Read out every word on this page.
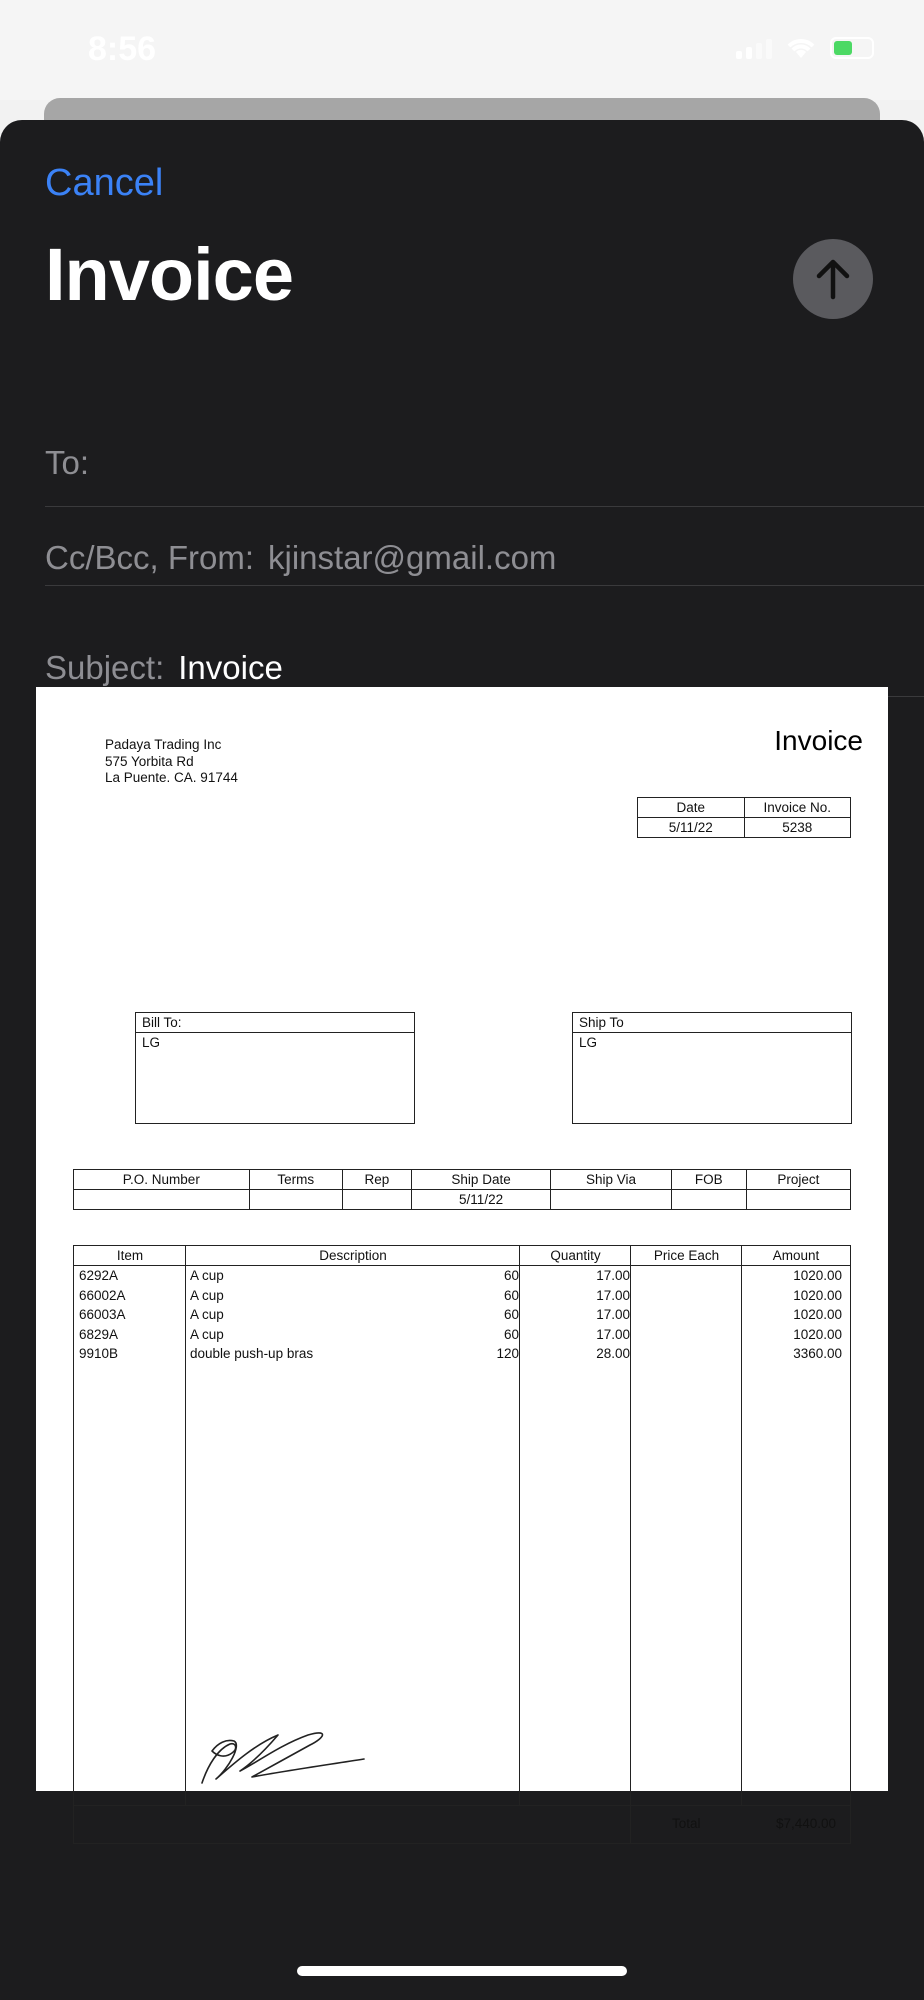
8:56
Cancel
Invoice
To:
Cc/Bcc, From: kjinstar@gmail.com
Subject: Invoice
Padaya Trading Inc
575 Yorbita Rd
La Puente. CA. 91744
Invoice
Date	Invoice No.
5/11/22	5238
Bill To:
LG
Ship To
LG
P.O. Number	Terms	Rep	Ship Date	Ship Via	FOB	Project
			5/11/22			
Item	Description	Quantity	Price Each	Amount
6292A	A cup	60	17.00	1020.00
66002A	A cup	60	17.00	1020.00
66003A	A cup	60	17.00	1020.00
6829A	A cup	60	17.00	1020.00
9910B	double push-up bras	120	28.00	3360.00
Total	$7,440.00
